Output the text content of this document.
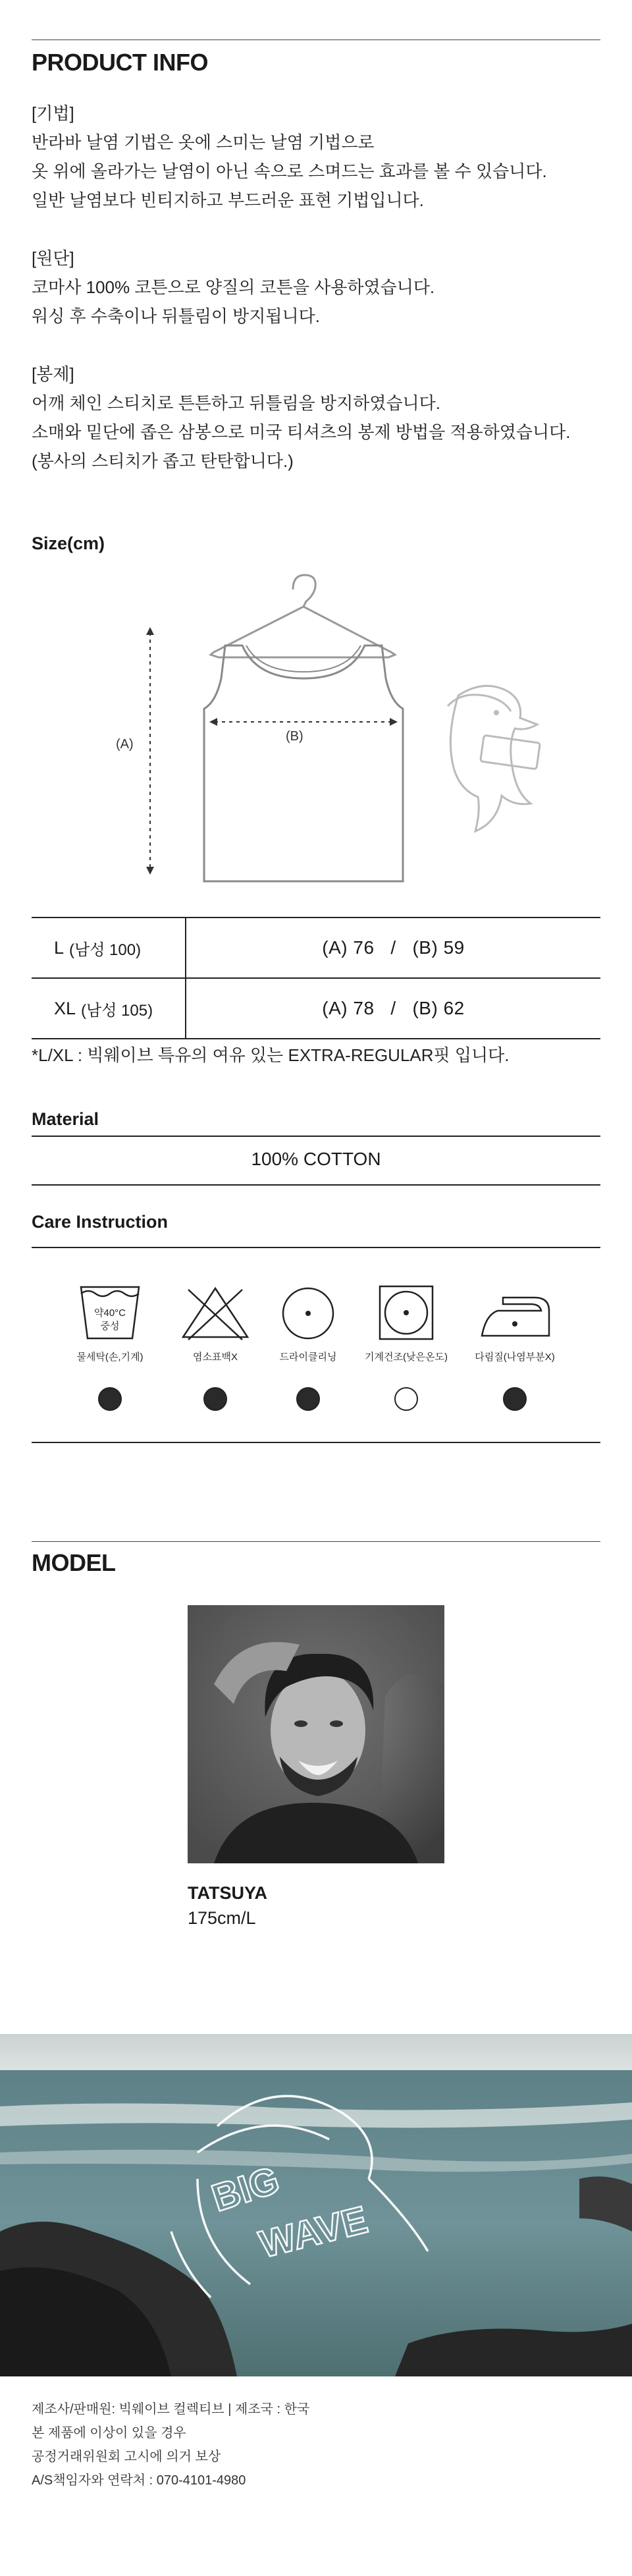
PRODUCT INFO

[기법]

반라바 날염 기법은 옷에 스미는 날염 기법으로

옷 위에 올라가는 날염이 아닌 속으로 스며드는 효과를 볼 수 있습니다.

일반 날염보다 빈티지하고 부드러운 표현 기법입니다.

[원단]

코마사 100% 코튼으로 양질의 코튼을 사용하였습니다.

워싱 후 수축이나 뒤틀림이 방지됩니다.

[봉제]

어깨 체인 스티치로 튼튼하고 뒤틀림을 방지하였습니다.

소매와 밑단에 좁은 삼봉으로 미국 티셔츠의 봉제 방법을 적용하였습니다.

(봉사의 스티치가 좁고 탄탄합니다.)

Size(cm)
(A)
(B)
L (남성 100)	(A) 76   /   (B) 59
XL (남성 105)	(A) 78   /   (B) 62
*L/XL : 빅웨이브 특유의 여유 있는 EXTRA-REGULAR핏 입니다.
Material
100% COTTON
Care Instruction
약40°C
중성
물세탁(손,기계)	염소표백X	드라이클리닝	기계건조(낮은온도)	다림질(나염부분X)
MODEL
TATSUYA
175cm/L
BIG
WAVE
제조사/판매원: 빅웨이브 컬렉티브 | 제조국 : 한국
본 제품에 이상이 있을 경우
공정거래위원회 고시에 의거 보상
A/S책임자와 연락처 : 070-4101-4980
